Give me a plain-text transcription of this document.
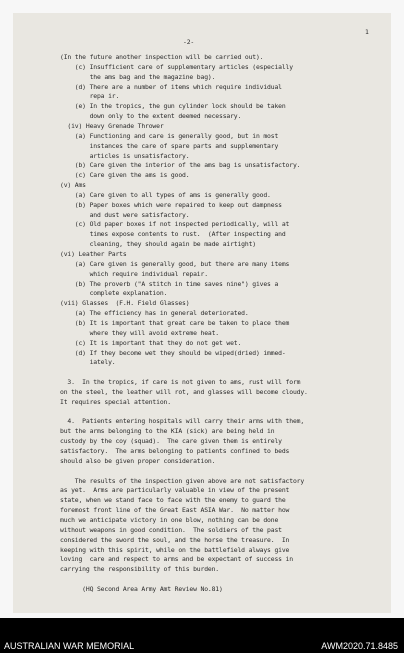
-2-
1
(In the future another inspection will be carried out).
(c) Insufficient care of supplementary articles (especially
the ams bag and the magazine bag).
(d) There are a number of items which require individual
repa ir.
(e) In the tropics, the gun cylinder lock should be taken
down only to the extent deemed necessary.
(iv) Heavy Grenade Thrower
(a) Functioning and care is generally good, but in most
instances the care of spare parts and supplementary
articles is unsatisfactory.
(b) Care given the interior of the ams bag is unsatisfactory.
(c) Care given the ams is good.
(v) Ams
(a) Care given to all types of ams is generally good.
(b) Paper boxes which were repaired to keep out dampness
and dust were satisfactory.
(c) Old paper boxes if not inspected periodically, will at
times expose contents to rust.  (After inspecting and
cleaning, they should again be made airtight)
(vi) Leather Parts
(a) Care given is generally good, but there are many items
which require individual repair.
(b) The proverb ("A stitch in time saves nine") gives a
complete explanation.
(vii) Glasses  (F.H. Field Glasses)
(a) The efficiency has in general deteriorated.
(b) It is important that great care be taken to place them
where they will avoid extreme heat.
(c) It is important that they do not get wet.
(d) If they become wet they should be wiped(dried) immed-
iately.
3.  In the tropics, if care is not given to ams, rust will form
on the steel, the leather will rot, and glasses will become cloudy.
It requires special attention.
4.  Patients entering hospitals will carry their arms with them,
but the arms belonging to the KIA (sick) are being held in
custody by the coy (squad).  The care given them is entirely
satisfactory.  The arms belonging to patients confined to beds
should also be given proper consideration.
The results of the inspection given above are not satisfactory
as yet.  Arms are particularly valuable in view of the present
state, when we stand face to face with the enemy to guard the
foremost front line of the Great East ASIA War.  No matter how
much we anticipate victory in one blow, nothing can be done
without weapons in good condition.  The soldiers of the past
considered the sword the soul, and the horse the treasure.  In
keeping with this spirit, while on the battlefield always give
loving  care and respect to arms and be expectant of success in
carrying the responsibility of this burden.
(HQ Second Area Army Amt Review No.81)
AUSTRALIAN WAR MEMORIAL	AWM2020.71.8485
